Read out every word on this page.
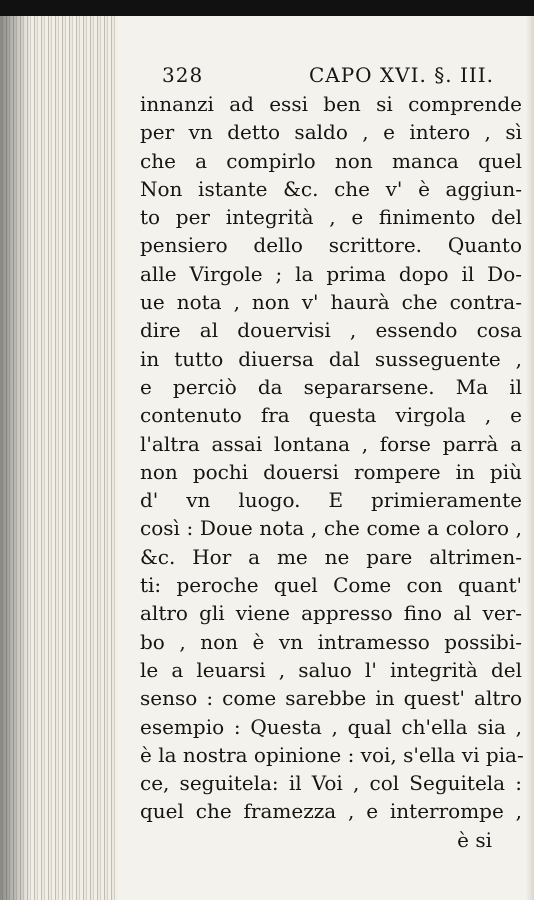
328	CAPO XVI. §. III.
innanzi ad essi ben si comprende
per vn detto saldo , e intero , sì
che a compirlo non manca quel
Non istante &c. che v' è aggiun-
to per integrità , e finimento del
pensiero dello scrittore. Quanto
alle Virgole ; la prima dopo il Do-
ue nota , non v' haurà che contra-
dire al douervisi , essendo cosa
in tutto diuersa dal susseguente ,
e perciò da separarsene. Ma il
contenuto fra questa virgola , e
l'altra assai lontana , forse parrà a
non pochi douersi rompere in più
d' vn luogo. E primieramente
così : Doue nota , che come a coloro ,
&c. Hor a me ne pare altrimen-
ti: peroche quel Come con quant'
altro gli viene appresso fino al ver-
bo , non è vn intramesso possibi-
le a leuarsi , saluo l' integrità del
senso : come sarebbe in quest' altro
esempio : Questa , qual ch'ella sia ,
è la nostra opinione : voi, s'ella vi pia-
ce, seguitela: il Voi , col Seguitela :
quel che framezza , e interrompe ,
è si
